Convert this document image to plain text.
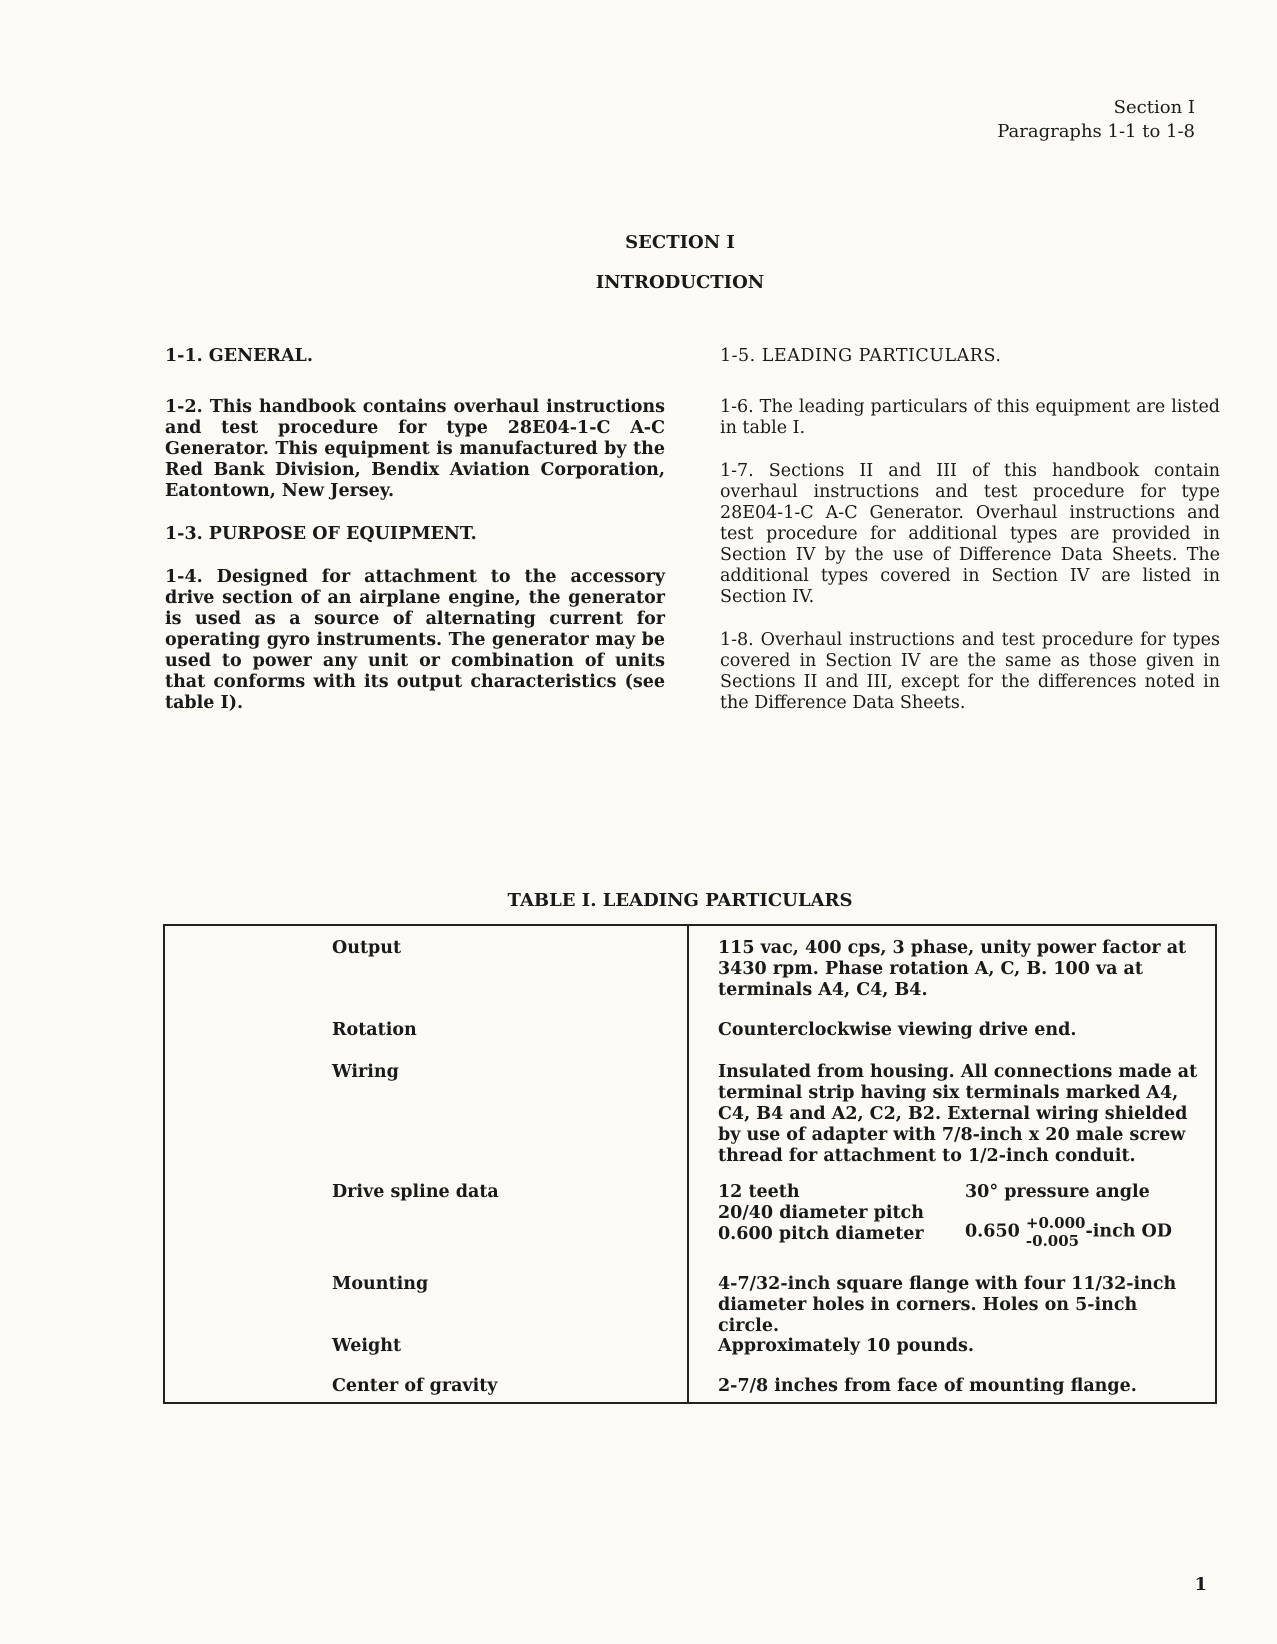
Section I
Paragraphs 1-1 to 1-8
SECTION I
INTRODUCTION
1-1. GENERAL.

1-2. This handbook contains overhaul instructions and test procedure for type 28E04-1-C A-C Generator. This equipment is manufactured by the Red Bank Division, Bendix Aviation Corporation, Eatontown, New Jersey.

1-3. PURPOSE OF EQUIPMENT.

1-4. Designed for attachment to the accessory drive section of an airplane engine, the generator is used as a source of alternating current for operating gyro instruments. The generator may be used to power any unit or combination of units that conforms with its output characteristics (see table I).

1-5. LEADING PARTICULARS.

1-6. The leading particulars of this equipment are listed in table I.

1-7. Sections II and III of this handbook contain overhaul instructions and test procedure for type 28E04-1-C A-C Generator. Overhaul instructions and test procedure for additional types are provided in Section IV by the use of Difference Data Sheets. The additional types covered in Section IV are listed in Section IV.

1-8. Overhaul instructions and test procedure for types covered in Section IV are the same as those given in Sections II and III, except for the differences noted in the Difference Data Sheets.

TABLE I. LEADING PARTICULARS
Output	115 vac, 400 cps, 3 phase, unity power factor at 3430 rpm. Phase rotation A, C, B. 100 va at terminals A4, C4, B4.
Rotation	Counterclockwise viewing drive end.
Wiring	Insulated from housing. All connections made at terminal strip having six terminals marked A4, C4, B4 and A2, C2, B2. External wiring shielded by use of adapter with 7/8-inch x 20 male screw thread for attachment to 1/2-inch conduit.
Drive spline data	12 teeth
20/40 diameter pitch
0.600 pitch diameter
30° pressure angle
0.650 +0.000
-0.005 -inch OD
Mounting	4-7/32-inch square flange with four 11/32-inch diameter holes in corners. Holes on 5-inch circle.
Weight	Approximately 10 pounds.
Center of gravity	2-7/8 inches from face of mounting flange.
1
